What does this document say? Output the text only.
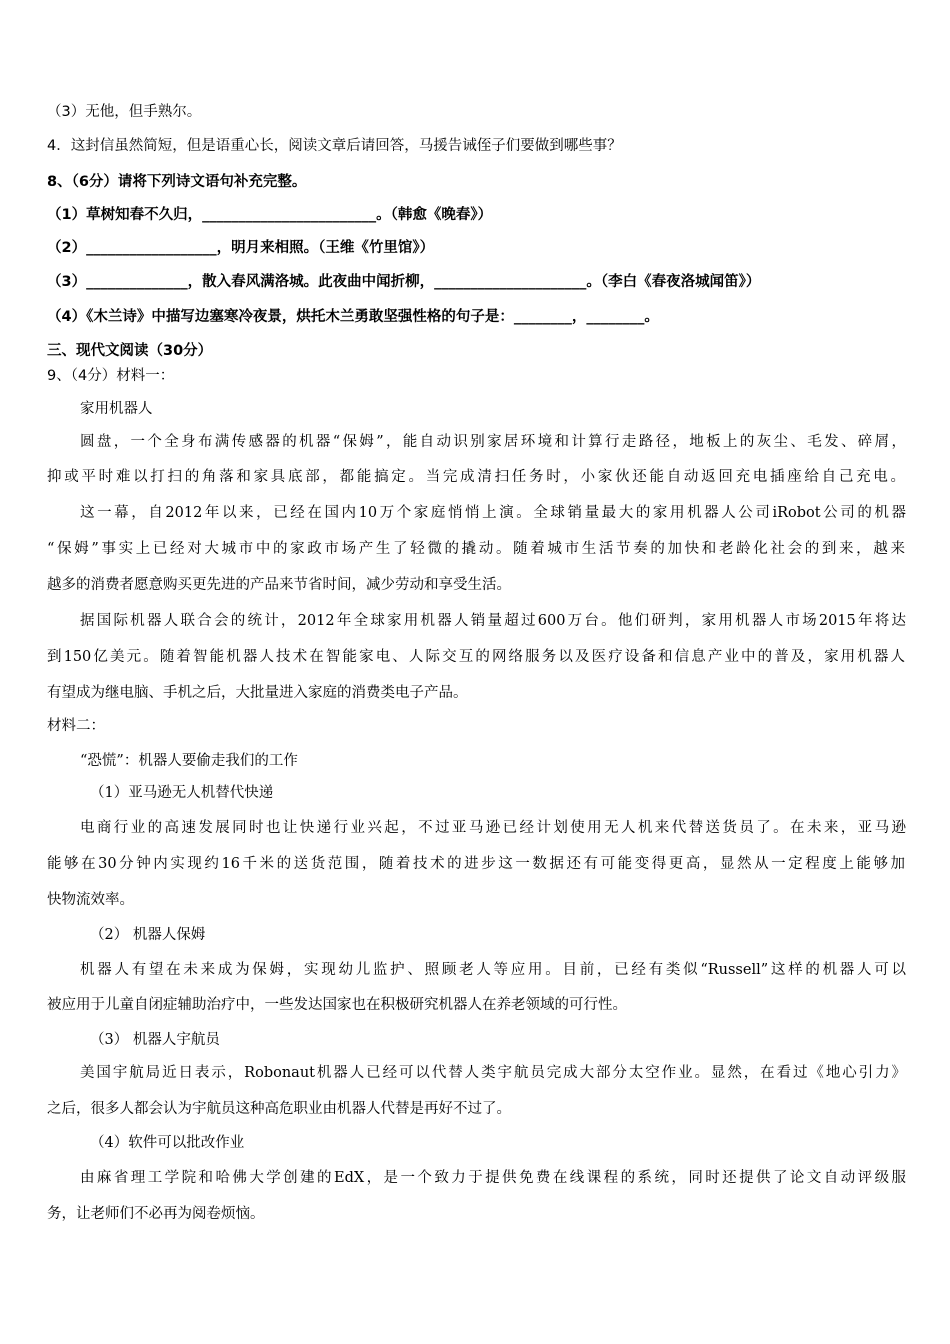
（3）无他，但手熟尔。
4．这封信虽然简短，但是语重心长，阅读文章后请回答，马援告诫侄子们要做到哪些事？
8、（6分）请将下列诗文语句补充完整。
（1）草树知春不久归，________________________。（韩愈《晚春》）
（2）__________________，明月来相照。（王维《竹里馆》）
（3）______________，散入春风满洛城。此夜曲中闻折柳，_____________________。（李白《春夜洛城闻笛》）
（4）《木兰诗》中描写边塞寒冷夜景，烘托木兰勇敢坚强性格的句子是：________，________。
三、现代文阅读（30分）
9、（4分）材料一：
家用机器人
圆盘，一个全身布满传感器的机器“保姆”，能自动识别家居环境和计算行走路径，地板上的灰尘、毛发、碎屑，
抑或平时难以打扫的角落和家具底部，都能搞定。当完成清扫任务时，小家伙还能自动返回充电插座给自己充电。
这一幕，自2012年以来，已经在国内10万个家庭悄悄上演。全球销量最大的家用机器人公司iRobot公司的机器
“保姆”事实上已经对大城市中的家政市场产生了轻微的撬动。随着城市生活节奏的加快和老龄化社会的到来，越来
越多的消费者愿意购买更先进的产品来节省时间，减少劳动和享受生活。
据国际机器人联合会的统计，2012年全球家用机器人销量超过600万台。他们研判，家用机器人市场2015年将达
到150亿美元。随着智能机器人技术在智能家电、人际交互的网络服务以及医疗设备和信息产业中的普及，家用机器人
有望成为继电脑、手机之后，大批量进入家庭的消费类电子产品。
材料二：
“恐慌”：机器人要偷走我们的工作
（1）亚马逊无人机替代快递
电商行业的高速发展同时也让快递行业兴起，不过亚马逊已经计划使用无人机来代替送货员了。在未来，亚马逊
能够在30分钟内实现约16千米的送货范围，随着技术的进步这一数据还有可能变得更高，显然从一定程度上能够加
快物流效率。
（2） 机器人保姆
机器人有望在未来成为保姆，实现幼儿监护、照顾老人等应用。目前，已经有类似“Russell”这样的机器人可以
被应用于儿童自闭症辅助治疗中，一些发达国家也在积极研究机器人在养老领域的可行性。
（3） 机器人宇航员
美国宇航局近日表示，Robonaut机器人已经可以代替人类宇航员完成大部分太空作业。显然，在看过《地心引力》
之后，很多人都会认为宇航员这种高危职业由机器人代替是再好不过了。
（4）软件可以批改作业
由麻省理工学院和哈佛大学创建的EdX，是一个致力于提供免费在线课程的系统，同时还提供了论文自动评级服
务，让老师们不必再为阅卷烦恼。
